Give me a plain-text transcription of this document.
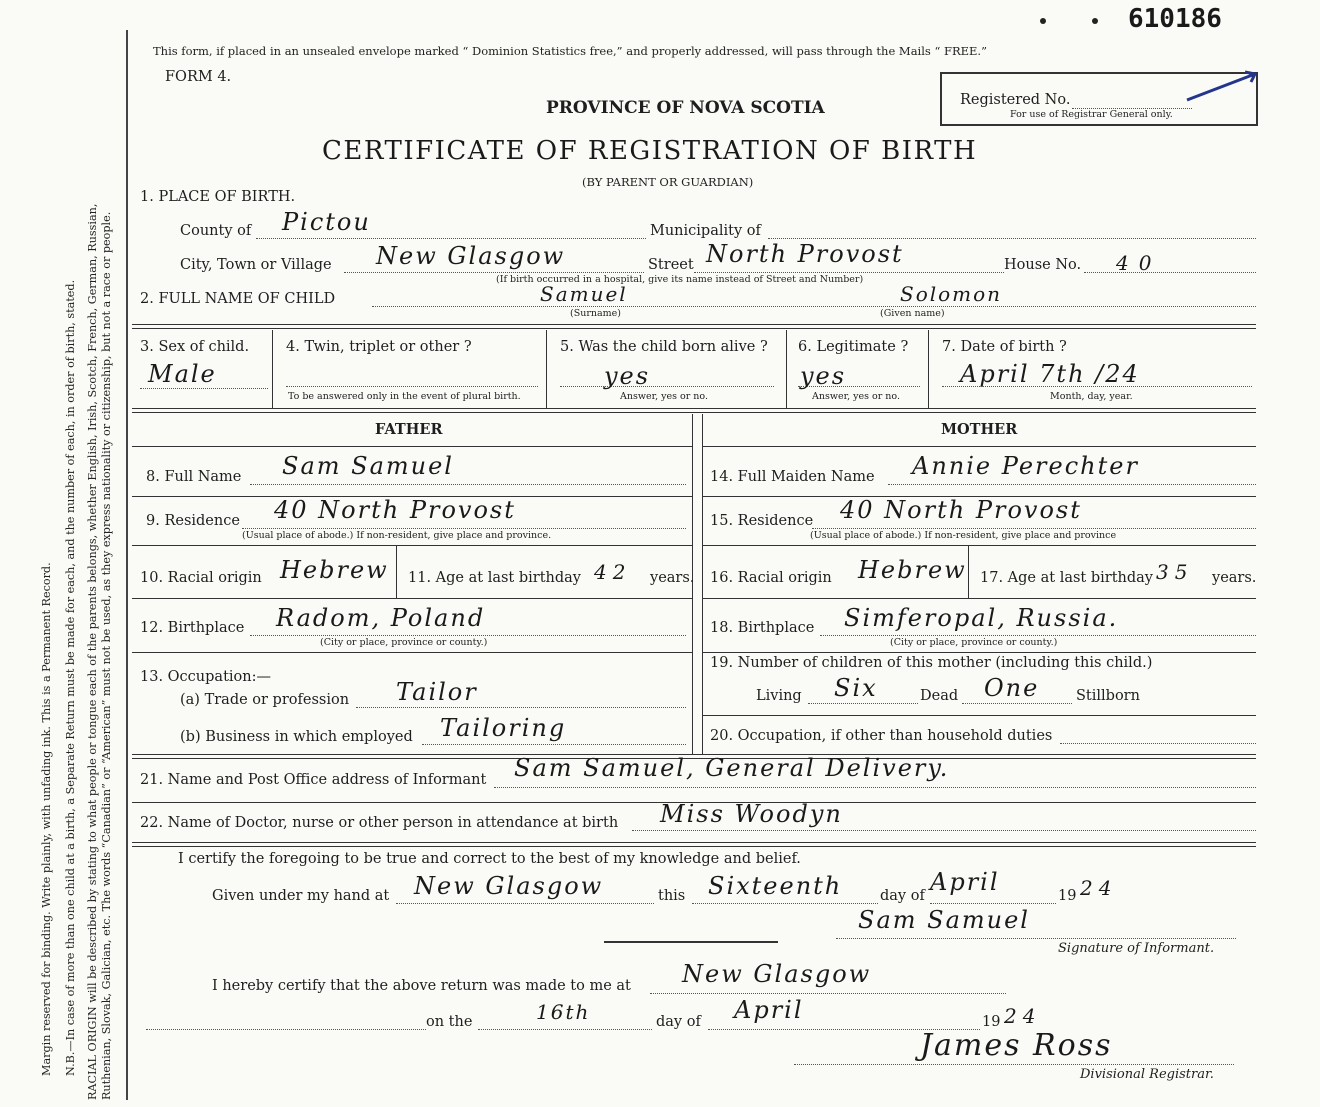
Margin reserved for binding. Write plainly, with unfading ink. This is a Permanent Record. N.B.—In case of more than one child at a birth, a Separate Return must be made for each, and the number of each, in order of birth, stated. RACIAL ORIGIN will be described by stating to what people or tongue each of the parents belongs, whether English, Irish, Scotch, French, German, Russian, Ruthenian, Slovak, Galician, etc. The words “Canadian” or “American” must not be used, as they express nationality or citizenship, but not a race or people.
610186
This form, if placed in an unsealed envelope marked “ Dominion Statistics free,” and properly addressed, will pass through the Mails “ FREE.”
FORM 4.
PROVINCE OF NOVA SCOTIA
CERTIFICATE OF REGISTRATION OF BIRTH
(BY PARENT OR GUARDIAN)
Registered No.
For use of Registrar General only.
1. PLACE OF BIRTH.
County of Pictou	Municipality of
City, Town or Village New Glasgow	Street North Provost	House No. 40
(If birth occurred in a hospital, give its name instead of Street and Number)
2. FULL NAME OF CHILD	Samuel	Solomon
(Surname)	(Given name)
3. Sex of child.
Male
4. Twin, triplet or other ?
To be answered only in the event of plural birth.
5. Was the child born alive ?
yes
Answer, yes or no.
6. Legitimate ?
yes
Answer, yes or no.
7. Date of birth ?
April 7th /24
Month, day, year.
FATHER	MOTHER
8. Full Name Sam Samuel	14. Full Maiden Name Annie Perechter
9. Residence 40 North Provost
(Usual place of abode.) If non-resident, give place and province.
15. Residence 40 North Provost
(Usual place of abode.) If non-resident, give place and province
10. Racial origin Hebrew 11. Age at last birthday 42 years. 16. Racial origin Hebrew 17. Age at last birthday 35 years.
12. Birthplace Radom, Poland
(City or place, province or county.)
18. Birthplace Simferopal, Russia.
(City or place, province or county.)
13. Occupation:—
(a) Trade or profession Tailor
19. Number of children of this mother (including this child.)
Living Six	Dead One	Stillborn
(b) Business in which employed Tailoring	20. Occupation, if other than household duties
21. Name and Post Office address of Informant Sam Samuel, General Delivery.
22. Name of Doctor, nurse or other person in attendance at birth Miss Woodyn
I certify the foregoing to be true and correct to the best of my knowledge and belief.
Given under my hand at New Glasgow	this Sixteenth	day of April	19 24
Sam Samuel
Signature of Informant.
I hereby certify that the above return was made to me at New Glasgow
on the	16th	day of April	19 24
James Ross
Divisional Registrar.
